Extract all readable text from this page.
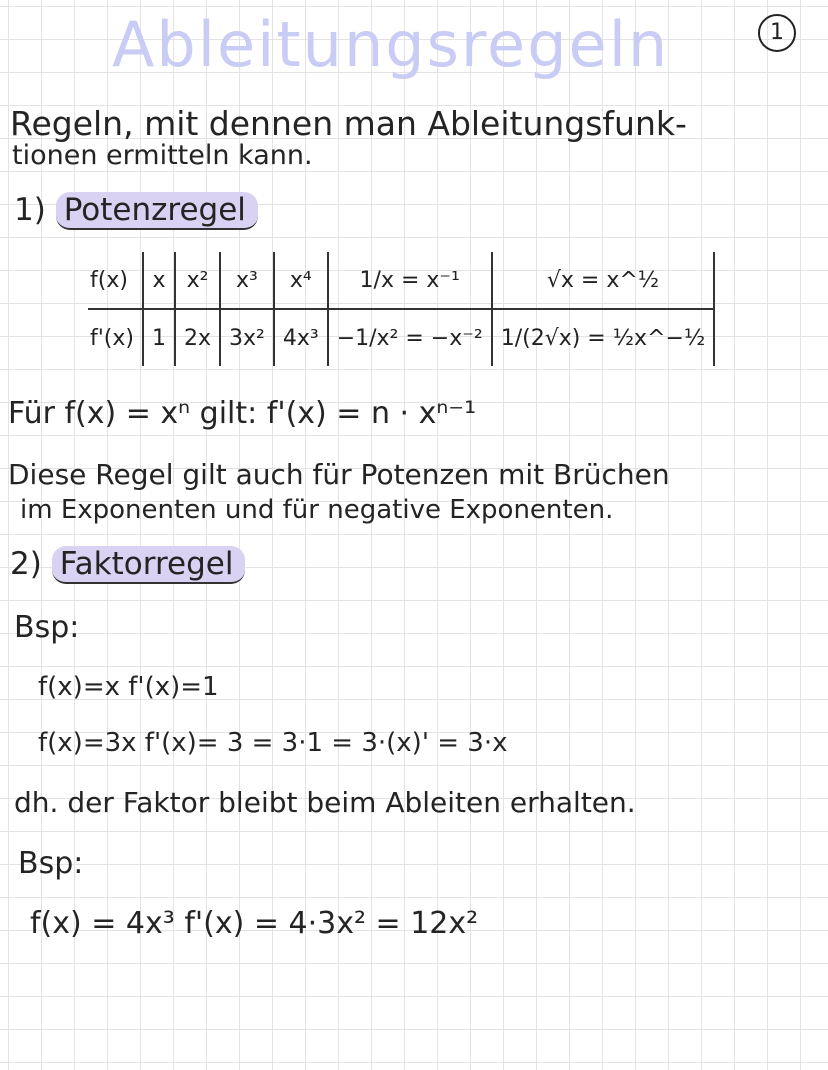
Ableitungsregeln	1
Regeln, mit dennen man Ableitungsfunk-
tionen ermitteln kann.
1) Potenzregel
f(x)	x	x²	x³	x⁴	1/x = x⁻¹	√x = x^½
f'(x)	1	2x	3x²	4x³	−1/x² = −x⁻²	1/(2√x) = ½x^−½
Für f(x) = xⁿ gilt: f'(x) = n · xⁿ⁻¹
Diese Regel gilt auch für Potenzen mit Brüchen
im Exponenten und für negative Exponenten.
2) Faktorregel
Bsp:
f(x)=x f'(x)=1
f(x)=3x f'(x)= 3 = 3·1 = 3·(x)' = 3·x
dh. der Faktor bleibt beim Ableiten erhalten.
Bsp:
f(x) = 4x³ f'(x) = 4·3x² = 12x²
